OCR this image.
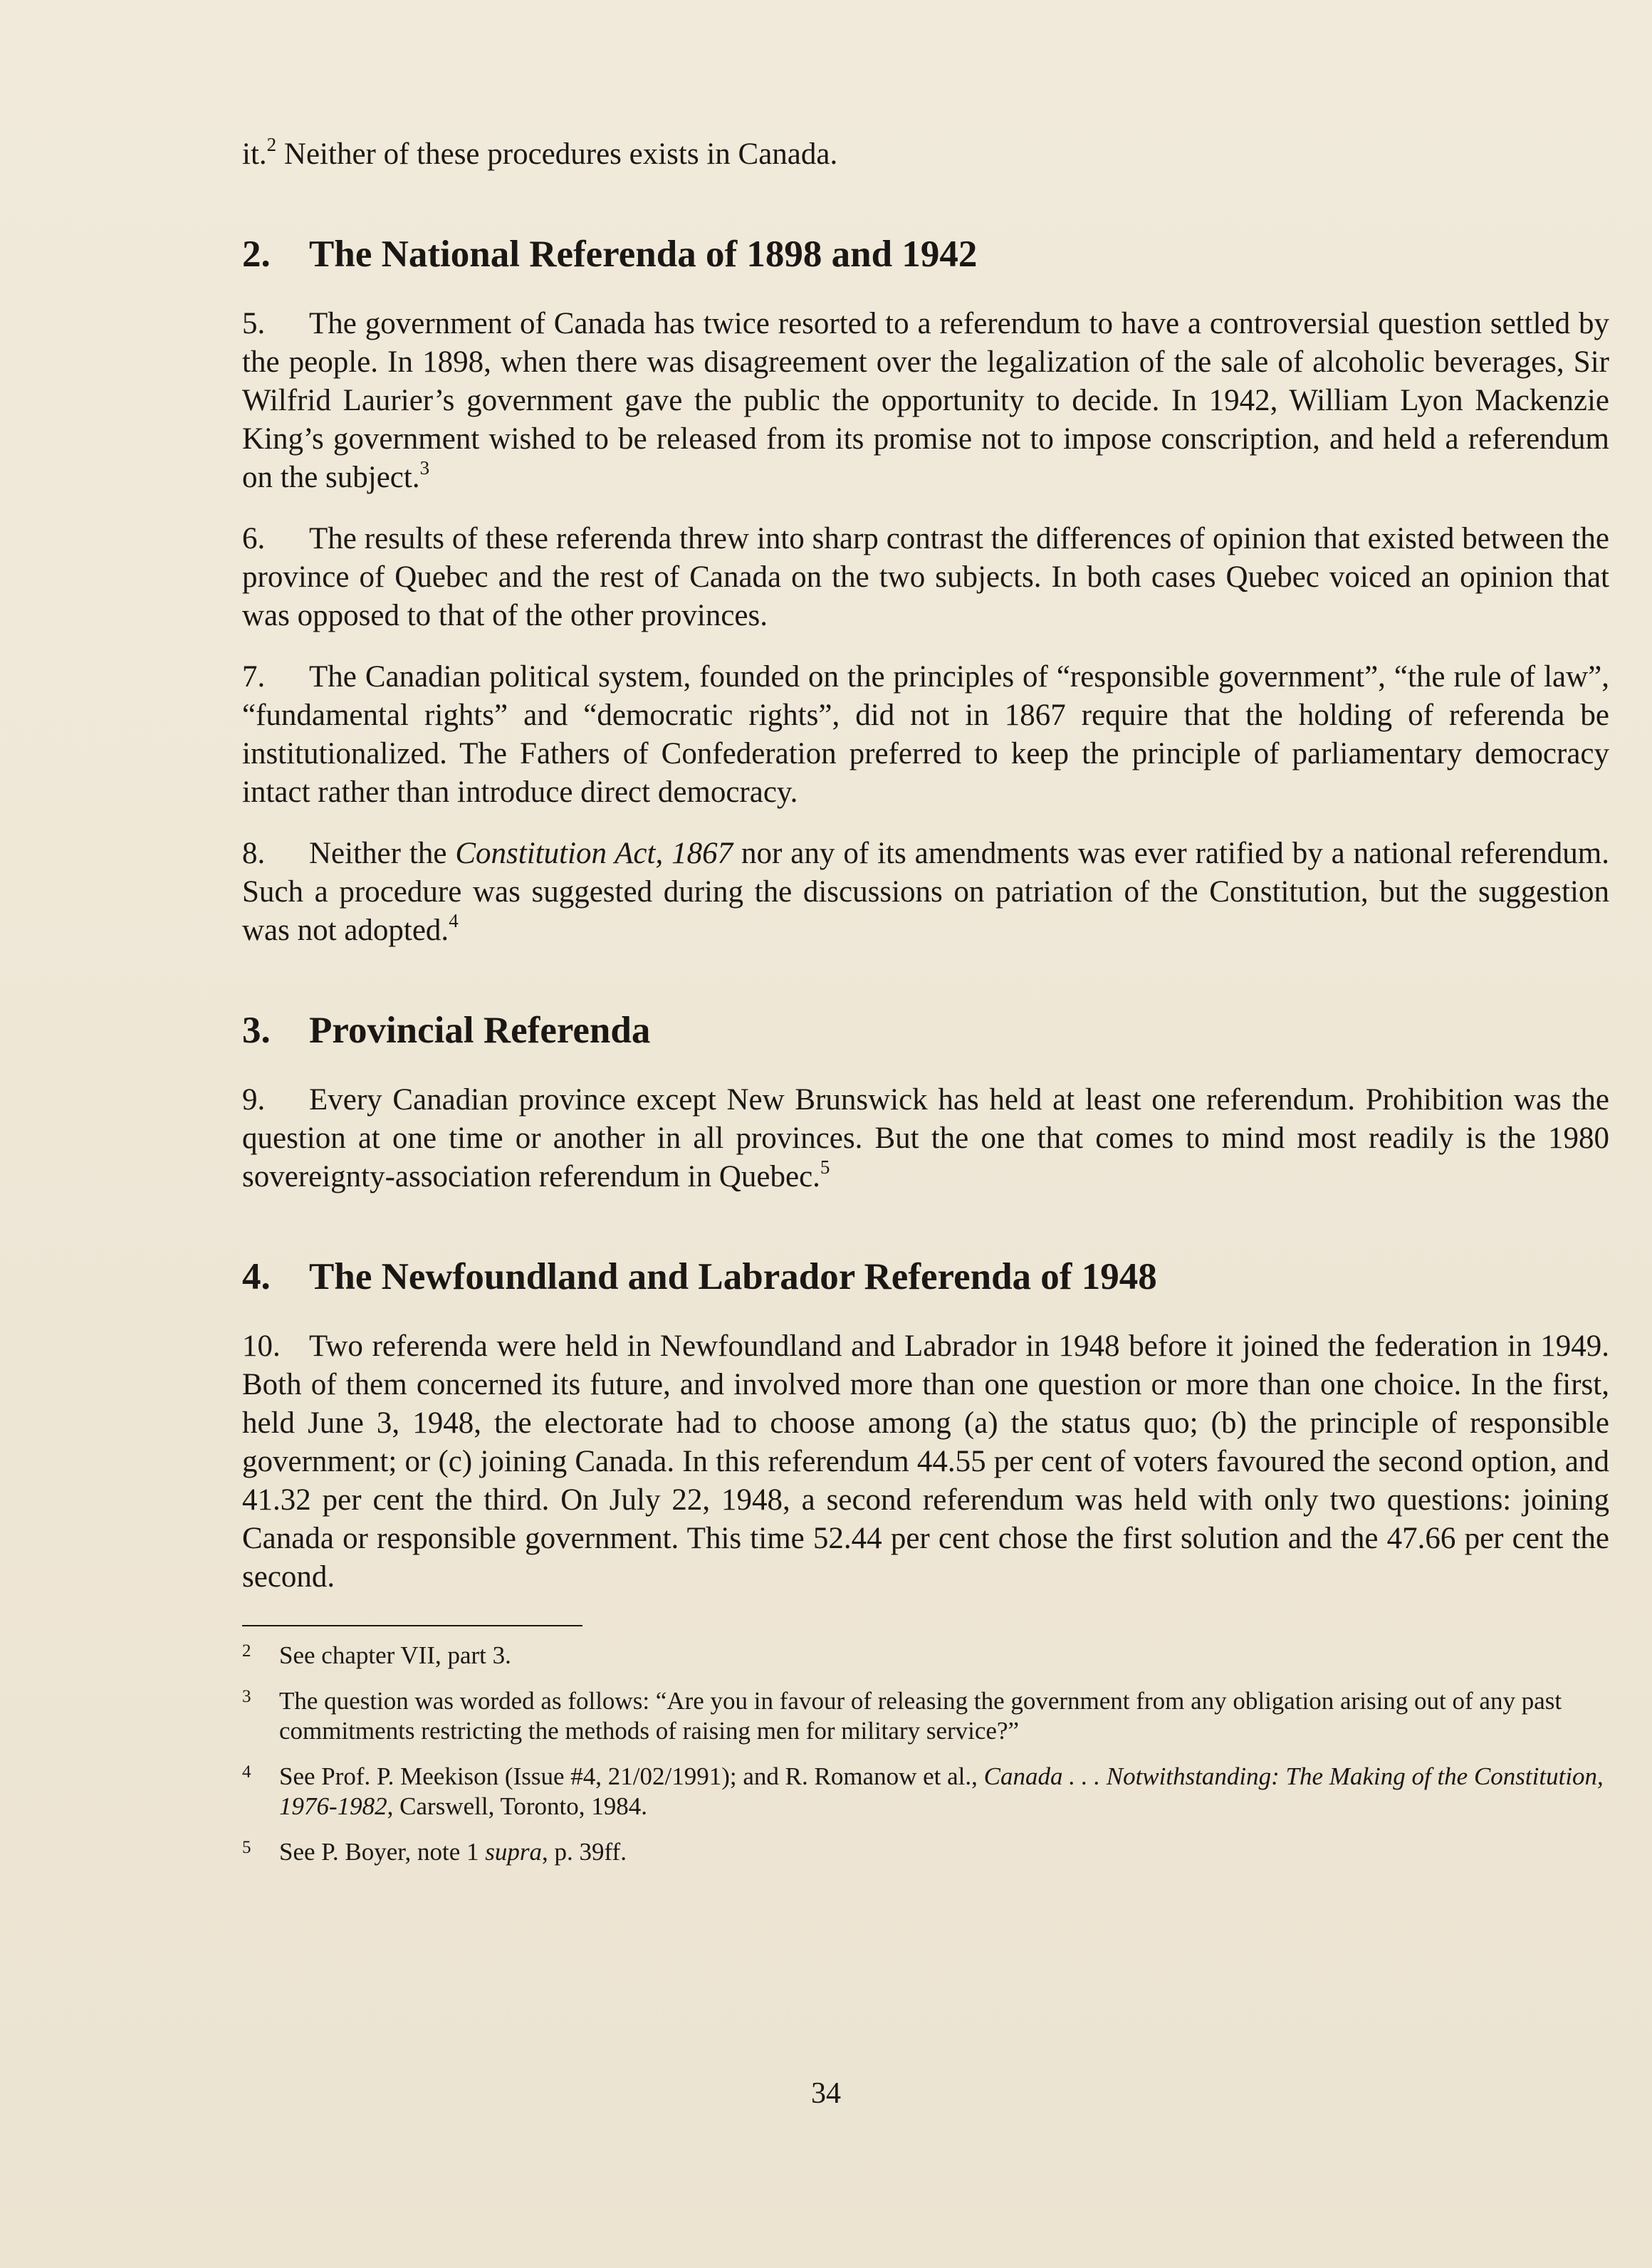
it.$^2$ Neither of these procedures exists in Canada.

2. The National Referenda of 1898 and 1942

5. The government of Canada has twice resorted to a referendum to have a controversial question settled by the people. In 1898, when there was disagreement over the legalization of the sale of alcoholic beverages, Sir Wilfrid Laurier’s government gave the public the opportunity to decide. In 1942, William Lyon Mackenzie King’s government wished to be released from its promise not to impose conscription, and held a referendum on the subject.$^3$

6. The results of these referenda threw into sharp contrast the differences of opinion that existed between the province of Quebec and the rest of Canada on the two subjects. In both cases Quebec voiced an opinion that was opposed to that of the other provinces.

7. The Canadian political system, founded on the principles of “responsible government”, “the rule of law”, “fundamental rights” and “democratic rights”, did not in 1867 require that the holding of referenda be institutionalized. The Fathers of Confederation preferred to keep the principle of parliamentary democracy intact rather than introduce direct democracy.

8. Neither the Constitution Act, 1867 nor any of its amendments was ever ratified by a national referendum. Such a procedure was suggested during the discussions on patriation of the Constitution, but the suggestion was not adopted.$^4$

3. Provincial Referenda

9. Every Canadian province except New Brunswick has held at least one referendum. Prohibition was the question at one time or another in all provinces. But the one that comes to mind most readily is the 1980 sovereignty-association referendum in Quebec.$^5$

4. The Newfoundland and Labrador Referenda of 1948

10. Two referenda were held in Newfoundland and Labrador in 1948 before it joined the federation in 1949. Both of them concerned its future, and involved more than one question or more than one choice. In the first, held June 3, 1948, the electorate had to choose among (a) the status quo; (b) the principle of responsible government; or (c) joining Canada. In this referendum 44.55 per cent of voters favoured the second option, and 41.32 per cent the third. On July 22, 1948, a second referendum was held with only two questions: joining Canada or responsible government. This time 52.44 per cent chose the first solution and the 47.66 per cent the second.

2	See chapter VII, part 3.
3	The question was worded as follows: “Are you in favour of releasing the government from any obligation arising out of any past commitments restricting the methods of raising men for military service?”
4	See Prof. P. Meekison (Issue #4, 21/02/1991); and R. Romanow et al., Canada . . . Notwithstanding: The Making of the Constitution, 1976-1982, Carswell, Toronto, 1984.
5	See P. Boyer, note 1 supra, p. 39ff.
34
